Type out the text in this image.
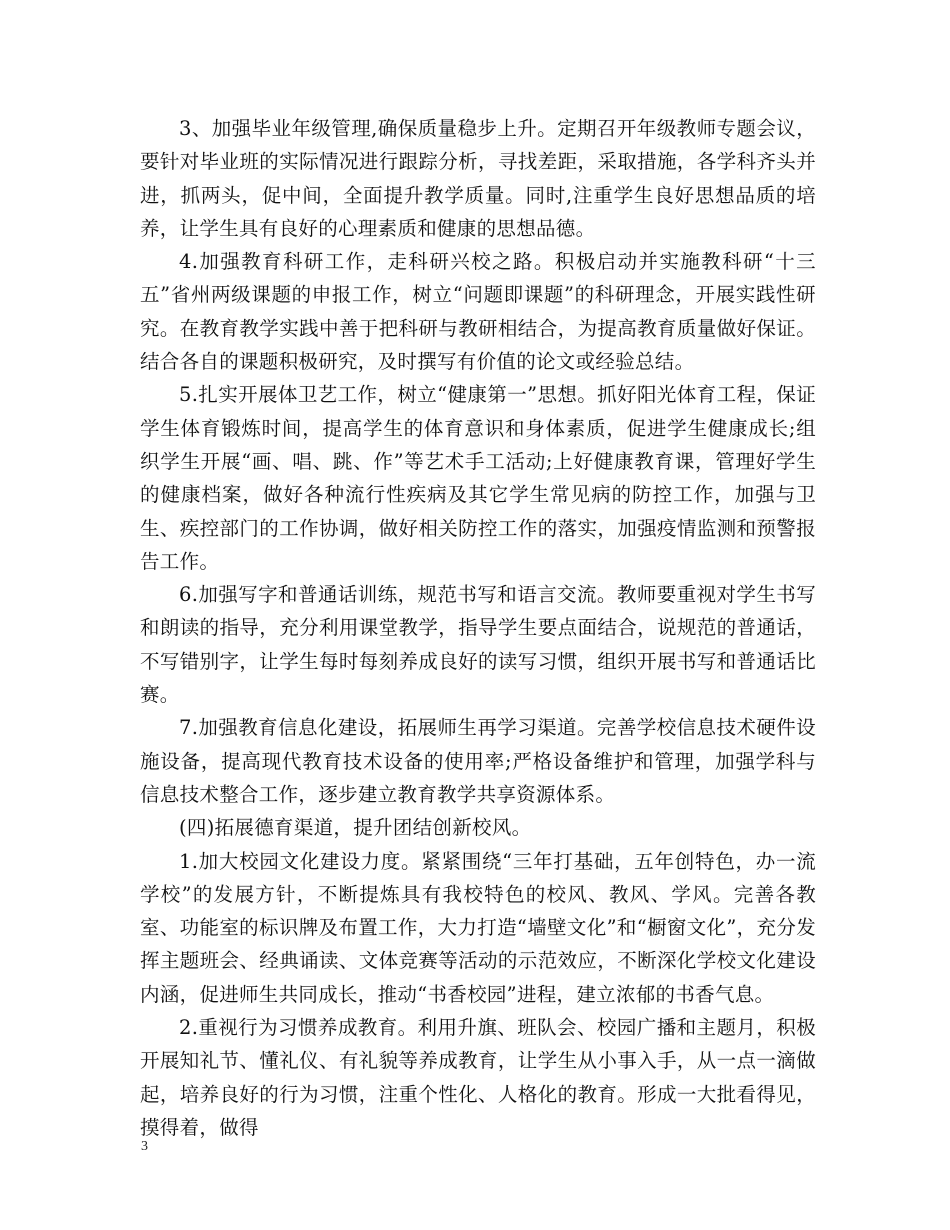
3、加强毕业年级管理,确保质量稳步上升。定期召开年级教师专题会议，要针对毕业班的实际情况进行跟踪分析，寻找差距，采取措施，各学科齐头并进，抓两头，促中间，全面提升教学质量。同时,注重学生良好思想品质的培养，让学生具有良好的心理素质和健康的思想品德。

4.加强教育科研工作，走科研兴校之路。积极启动并实施教科研“十三五”省州两级课题的申报工作，树立“问题即课题”的科研理念，开展实践性研究。在教育教学实践中善于把科研与教研相结合，为提高教育质量做好保证。结合各自的课题积极研究，及时撰写有价值的论文或经验总结。

5.扎实开展体卫艺工作，树立“健康第一”思想。抓好阳光体育工程，保证学生体育锻炼时间，提高学生的体育意识和身体素质，促进学生健康成长;组织学生开展“画、唱、跳、作”等艺术手工活动;上好健康教育课，管理好学生的健康档案，做好各种流行性疾病及其它学生常见病的防控工作，加强与卫生、疾控部门的工作协调，做好相关防控工作的落实，加强疫情监测和预警报告工作。

6.加强写字和普通话训练，规范书写和语言交流。教师要重视对学生书写和朗读的指导，充分利用课堂教学，指导学生要点面结合，说规范的普通话，不写错别字，让学生每时每刻养成良好的读写习惯，组织开展书写和普通话比赛。

7.加强教育信息化建设，拓展师生再学习渠道。完善学校信息技术硬件设施设备，提高现代教育技术设备的使用率;严格设备维护和管理，加强学科与信息技术整合工作，逐步建立教育教学共享资源体系。

(四)拓展德育渠道，提升团结创新校风。

1.加大校园文化建设力度。紧紧围绕“三年打基础，五年创特色，办一流学校”的发展方针，不断提炼具有我校特色的校风、教风、学风。完善各教室、功能室的标识牌及布置工作，大力打造“墙壁文化”和“橱窗文化”，充分发挥主题班会、经典诵读、文体竞赛等活动的示范效应，不断深化学校文化建设内涵，促进师生共同成长，推动“书香校园”进程，建立浓郁的书香气息。

2.重视行为习惯养成教育。利用升旗、班队会、校园广播和主题月，积极开展知礼节、懂礼仪、有礼貌等养成教育，让学生从小事入手，从一点一滴做起，培养良好的行为习惯，注重个性化、人格化的教育。形成一大批看得见，摸得着，做得

3
